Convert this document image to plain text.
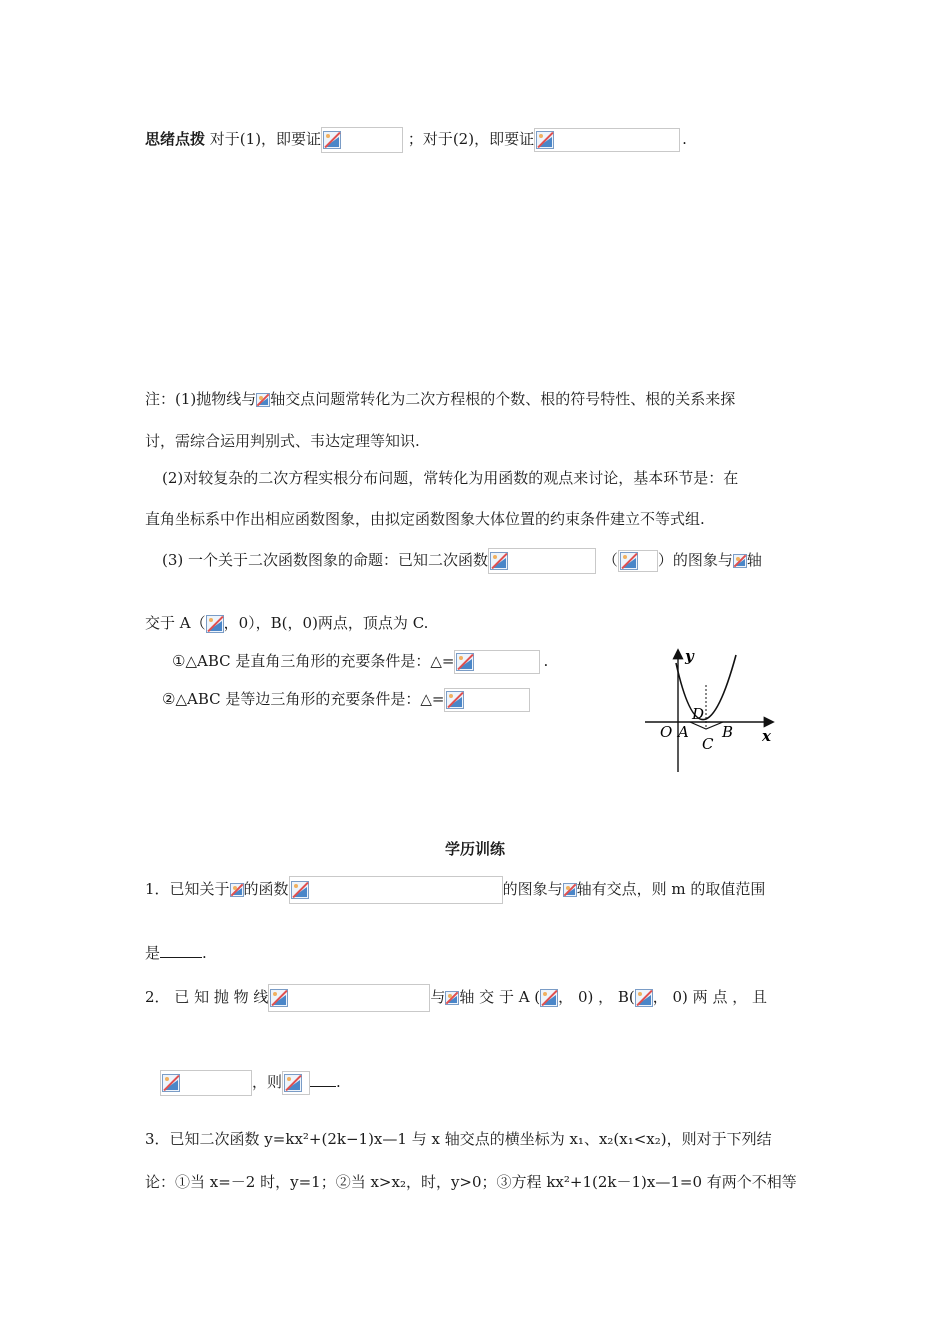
思绪点拨 对于(1)，即要证	；对于(2)，即要证	.
注：(1)抛物线与 轴交点问题常转化为二次方程根的个数、根的符号特性、根的关系来探
讨，需综合运用判别式、韦达定理等知识.
(2)对较复杂的二次方程实根分布问题，常转化为用函数的观点来讨论，基本环节是：在
直角坐标系中作出相应函数图象，由拟定函数图象大体位置的约束条件建立不等式组.
(3) 一个关于二次函数图象的命题：已知二次函数	（	）的图象与 轴
交于 A（ ，0），B(，0)两点，顶点为 C.
①△ABC 是直角三角形的充要条件是：△=	.
②△ABC 是等边三角形的充要条件是：△=
y
x
O A B
C
D
学历训练
1．已知关于 的函数	的图象与 轴有交点，则 m 的取值范围
是	.
2． 已 知 抛 物 线	与 轴 交 于 A ( ， 0) ， B( ， 0) 两 点 ， 且
，则	.
3．已知二次函数 y=kx²+(2k−1)x—1 与 x 轴交点的横坐标为 x₁、x₂(x₁<x₂)，则对于下列结
论：①当 x=－2 时，y=1；②当 x>x₂，时，y>0；③方程 kx²+1(2k－1)x—1=0 有两个不相等
